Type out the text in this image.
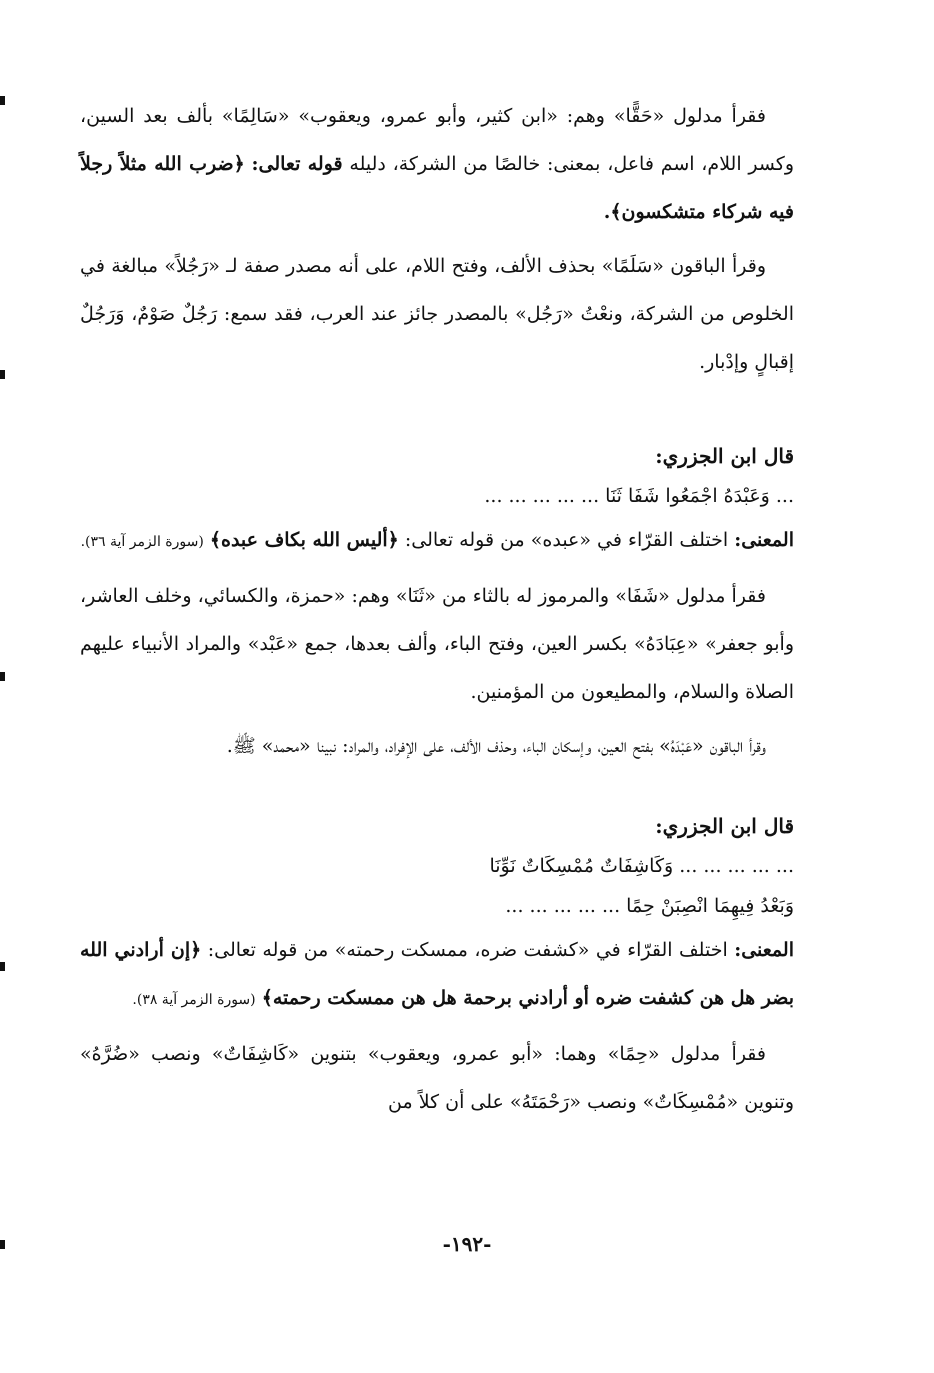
فقرأ مدلول «حَقًّا» وهم: «ابن كثير، وأبو عمرو، ويعقوب» «سَالِمًا» بألف بعد السين، وكسر اللام، اسم فاعل، بمعنى: خالصًا من الشركة، دليله قوله تعالى: ﴿ضرب الله مثلاً رجلاً فيه شركاء متشكسون﴾.

وقرأ الباقون «سَلَمًا» بحذف الألف، وفتح اللام، على أنه مصدر صفة لـ «رَجُلاً» مبالغة في الخلوص من الشركة، ونعْتُ «رَجُل» بالمصدر جائز عند العرب، فقد سمع: رَجُلٌ صَوْمٌ، وَرَجُلٌ إقبالٍ وإدْبار.

قال ابن الجزري:

... وَعَبْدَهُ اجْمَعُوا شَفَا ثَنَا ... ... ... ... ...

المعنى: اختلف القرّاء في «عبده» من قوله تعالى: ﴿أليس الله بكاف عبده﴾ (سورة الزمر آية ٣٦).

فقرأ مدلول «شَفَا» والمرموز له بالثاء من «ثَنَا» وهم: «حمزة، والكسائي، وخلف العاشر، وأبو جعفر» «عِبَادَهُ» بكسر العين، وفتح الباء، وألف بعدها، جمع «عَبْد» والمراد الأنبياء عليهم الصلاة والسلام، والمطيعون من المؤمنين.

وقرأ الباقون «عَبْدَهُ» بفتح العين، وإسكان الباء، وحذف الألف، على الإفراد، والمراد: نبينا «محمد» ﷺ.

قال ابن الجزري:

... ... ... ... ... وَكَاشِفَاتٌ مُمْسِكَاتٌ نَوِّنَا
وَبَعْدُ فِيهِمَا انْصِبَنْ حِمًا ... ... ... ... ...

المعنى: اختلف القرّاء في «كشفت ضره، ممسكت رحمته» من قوله تعالى: ﴿إن أرادني الله بضر هل هن كشفت ضره أو أرادني برحمة هل هن ممسكت رحمته﴾ (سورة الزمر آية ٣٨).

فقرأ مدلول «حِمًا» وهما: «أبو عمرو، ويعقوب» بتنوين «كَاشِفَاتٌ» ونصب «ضُرَّهُ» وتنوين «مُمْسِكَاتٌ» ونصب «رَحْمَتَهُ» على أن كلاً من

-١٩٢-
